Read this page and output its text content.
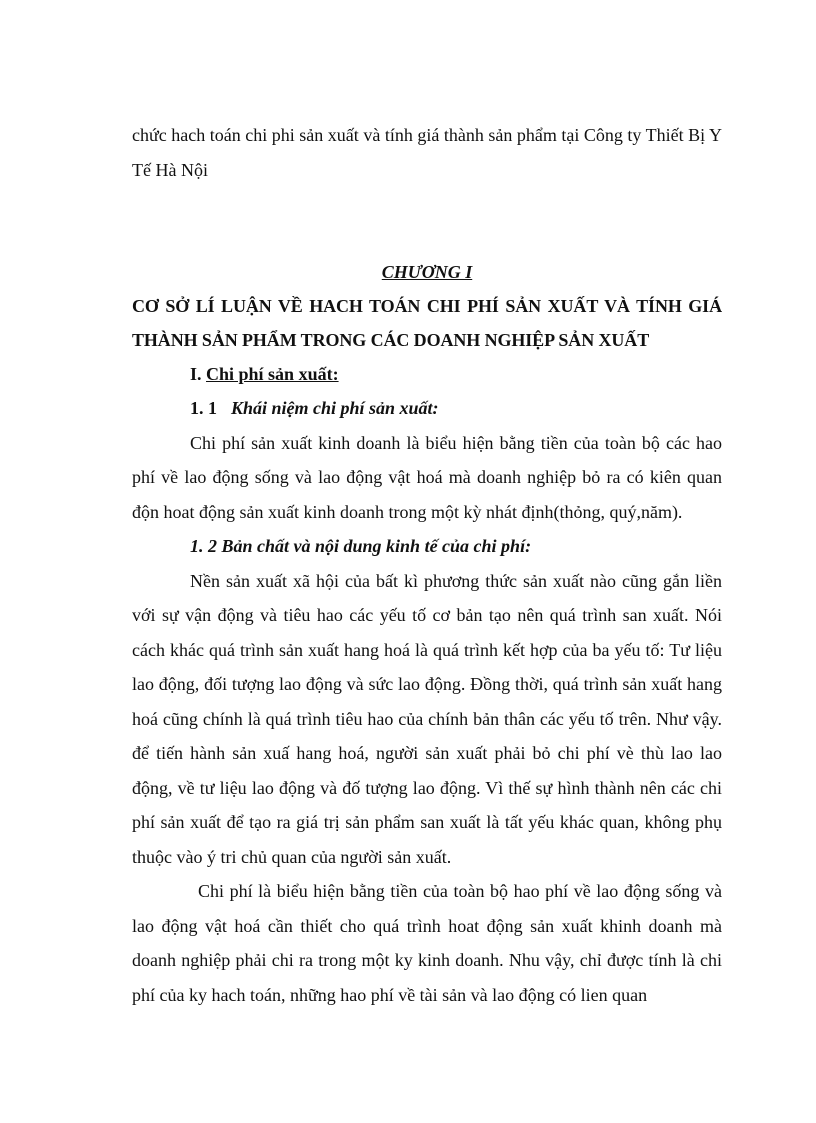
chức hach toán chi phi sản xuất và tính giá thành sản phẩm tại Công ty Thiết Bị Y Tế Hà Nội

CHƯƠNG I

CƠ SỞ LÍ LUẬN VỀ HACH TOÁN CHI PHÍ SẢN XUẤT VÀ TÍNH GIÁ THÀNH SẢN PHẨM TRONG CÁC DOANH NGHIỆP SẢN XUẤT

I. Chi phí sản xuất:

1. 1 Khái niệm chi phí sản xuất:

Chi phí sản xuất kinh doanh là biểu hiện bằng tiền của toàn bộ các hao phí về lao động sống và lao động vật hoá mà doanh nghiệp bỏ ra có kiên quan độn hoat động sản xuất kinh doanh trong một kỳ nhát định(thỏng, quý,năm).

1. 2 Bản chất và nội dung kinh tế của chi phí:

Nền sản xuất xã hội của bất kì phương thức sản xuất nào cũng gắn liền với sự vận động và tiêu hao các yếu tố cơ bản tạo nên quá trình san xuất. Nói cách khác quá trình sản xuất hang hoá là quá trình kết hợp của ba yếu tố: Tư liệu lao động, đối tượng lao động và sức lao động. Đồng thời, quá trình sản xuất hang hoá cũng chính là quá trình tiêu hao của chính bản thân các yếu tố trên. Như vậy. để tiến hành sản xuấ hang hoá, người sản xuất phải bỏ chi phí vè thù lao lao động, về tư liệu lao động và đố tượng lao động. Vì thế sự hình thành nên các chi phí sản xuất để tạo ra giá trị sản phẩm san xuất là tất yếu khác quan, không phụ thuộc vào ý tri chủ quan của người sản xuất.

Chi phí là biểu hiện bằng tiền của toàn bộ hao phí về lao động sống và lao động vật hoá cần thiết cho quá trình hoat động sản xuất khinh doanh mà doanh nghiệp phải chi ra trong một ky kinh doanh. Nhu vậy, chỉ được tính là chi phí của ky hach toán, những hao phí về tài sản và lao động có lien quan
